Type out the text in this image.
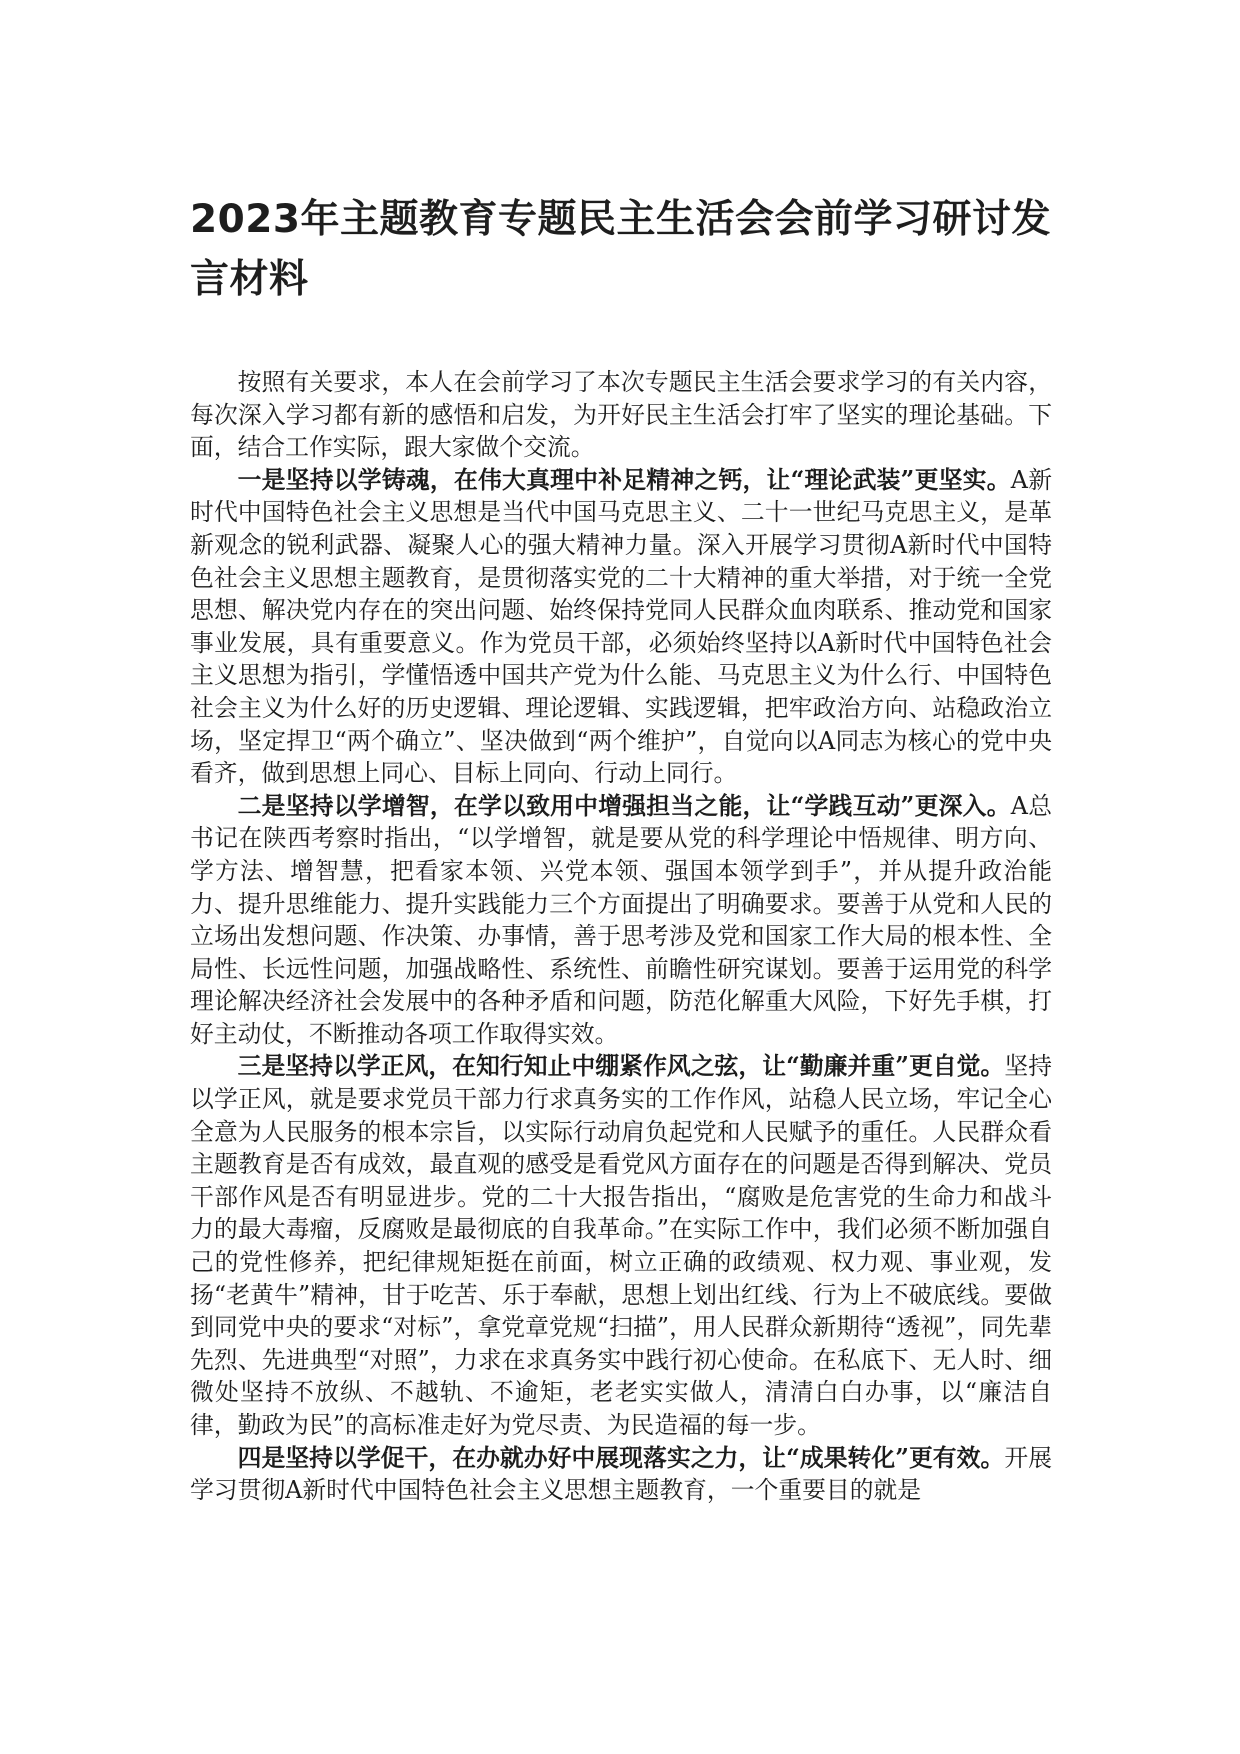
2023年主题教育专题民主生活会会前学习研讨发言材料

按照有关要求，本人在会前学习了本次专题民主生活会要求学习的有关内容，每次深入学习都有新的感悟和启发，为开好民主生活会打牢了坚实的理论基础。下面，结合工作实际，跟大家做个交流。

一是坚持以学铸魂，在伟大真理中补足精神之钙，让“理论武装”更坚实。A新时代中国特色社会主义思想是当代中国马克思主义、二十一世纪马克思主义，是革新观念的锐利武器、凝聚人心的强大精神力量。深入开展学习贯彻A新时代中国特色社会主义思想主题教育，是贯彻落实党的二十大精神的重大举措，对于统一全党思想、解决党内存在的突出问题、始终保持党同人民群众血肉联系、推动党和国家事业发展，具有重要意义。作为党员干部，必须始终坚持以A新时代中国特色社会主义思想为指引，学懂悟透中国共产党为什么能、马克思主义为什么行、中国特色社会主义为什么好的历史逻辑、理论逻辑、实践逻辑，把牢政治方向、站稳政治立场，坚定捍卫“两个确立”、坚决做到“两个维护”，自觉向以A同志为核心的党中央看齐，做到思想上同心、目标上同向、行动上同行。

二是坚持以学增智，在学以致用中增强担当之能，让“学践互动”更深入。A总书记在陕西考察时指出，“以学增智，就是要从党的科学理论中悟规律、明方向、学方法、增智慧，把看家本领、兴党本领、强国本领学到手”，并从提升政治能力、提升思维能力、提升实践能力三个方面提出了明确要求。要善于从党和人民的立场出发想问题、作决策、办事情，善于思考涉及党和国家工作大局的根本性、全局性、长远性问题，加强战略性、系统性、前瞻性研究谋划。要善于运用党的科学理论解决经济社会发展中的各种矛盾和问题，防范化解重大风险，下好先手棋，打好主动仗，不断推动各项工作取得实效。

三是坚持以学正风，在知行知止中绷紧作风之弦，让“勤廉并重”更自觉。坚持以学正风，就是要求党员干部力行求真务实的工作作风，站稳人民立场，牢记全心全意为人民服务的根本宗旨，以实际行动肩负起党和人民赋予的重任。人民群众看主题教育是否有成效，最直观的感受是看党风方面存在的问题是否得到解决、党员干部作风是否有明显进步。党的二十大报告指出，“腐败是危害党的生命力和战斗力的最大毒瘤，反腐败是最彻底的自我革命。”在实际工作中，我们必须不断加强自己的党性修养，把纪律规矩挺在前面，树立正确的政绩观、权力观、事业观，发扬“老黄牛”精神，甘于吃苦、乐于奉献，思想上划出红线、行为上不破底线。要做到同党中央的要求“对标”，拿党章党规“扫描”，用人民群众新期待“透视”，同先辈先烈、先进典型“对照”，力求在求真务实中践行初心使命。在私底下、无人时、细微处坚持不放纵、不越轨、不逾矩，老老实实做人，清清白白办事，以“廉洁自律，勤政为民”的高标准走好为党尽责、为民造福的每一步。

四是坚持以学促干，在办就办好中展现落实之力，让“成果转化”更有效。开展学习贯彻A新时代中国特色社会主义思想主题教育，一个重要目的就是
